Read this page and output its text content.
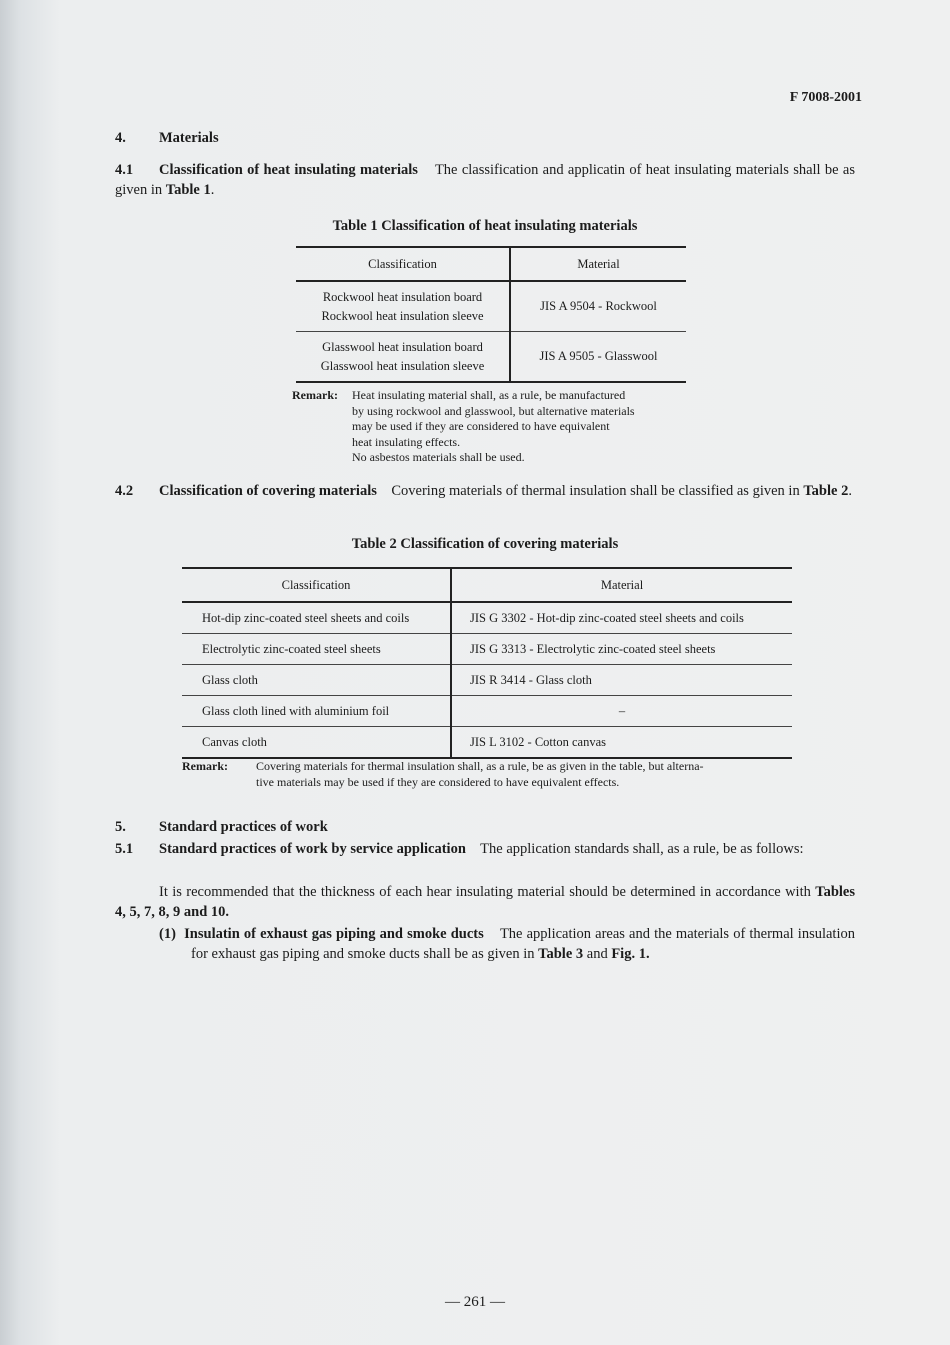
F 7008-2001
4. Materials
4.1 Classification of heat insulating materials The classification and applicatin of heat insulating materials shall be as given in Table 1.
Table 1 Classification of heat insulating materials
Classification	Material

Rockwool heat insulation board
Rockwool heat insulation sleeve	JIS A 9504 - Rockwool

Glasswool heat insulation board
Glasswool heat insulation sleeve	JIS A 9505 - Glasswool
Remark: Heat insulating material shall, as a rule, be manufactured
by using rockwool and glasswool, but alternative materials
may be used if they are considered to have equivalent
heat insulating effects.
No asbestos materials shall be used.
4.2 Classification of covering materials Covering materials of thermal insulation shall be classified as given in Table 2.
Table 2 Classification of covering materials
Classification	Material
Hot-dip zinc-coated steel sheets and coils	JIS G 3302 - Hot-dip zinc-coated steel sheets and coils
Electrolytic zinc-coated steel sheets	JIS G 3313 - Electrolytic zinc-coated steel sheets
Glass cloth	JIS R 3414 - Glass cloth
Glass cloth lined with aluminium foil	–
Canvas cloth	JIS L 3102 - Cotton canvas
Remark: Covering materials for thermal insulation shall, as a rule, be as given in the table, but alterna-
tive materials may be used if they are considered to have equivalent effects.
5. Standard practices of work
5.1 Standard practices of work by service application The application standards shall, as a rule, be as follows:
It is recommended that the thickness of each hear insulating material should be determined in accordance with Tables 4, 5, 7, 8, 9 and 10.
(1) Insulatin of exhaust gas piping and smoke ducts The application areas and the materials of thermal insulation for exhaust gas piping and smoke ducts shall be as given in Table 3 and Fig. 1.
— 261 —
